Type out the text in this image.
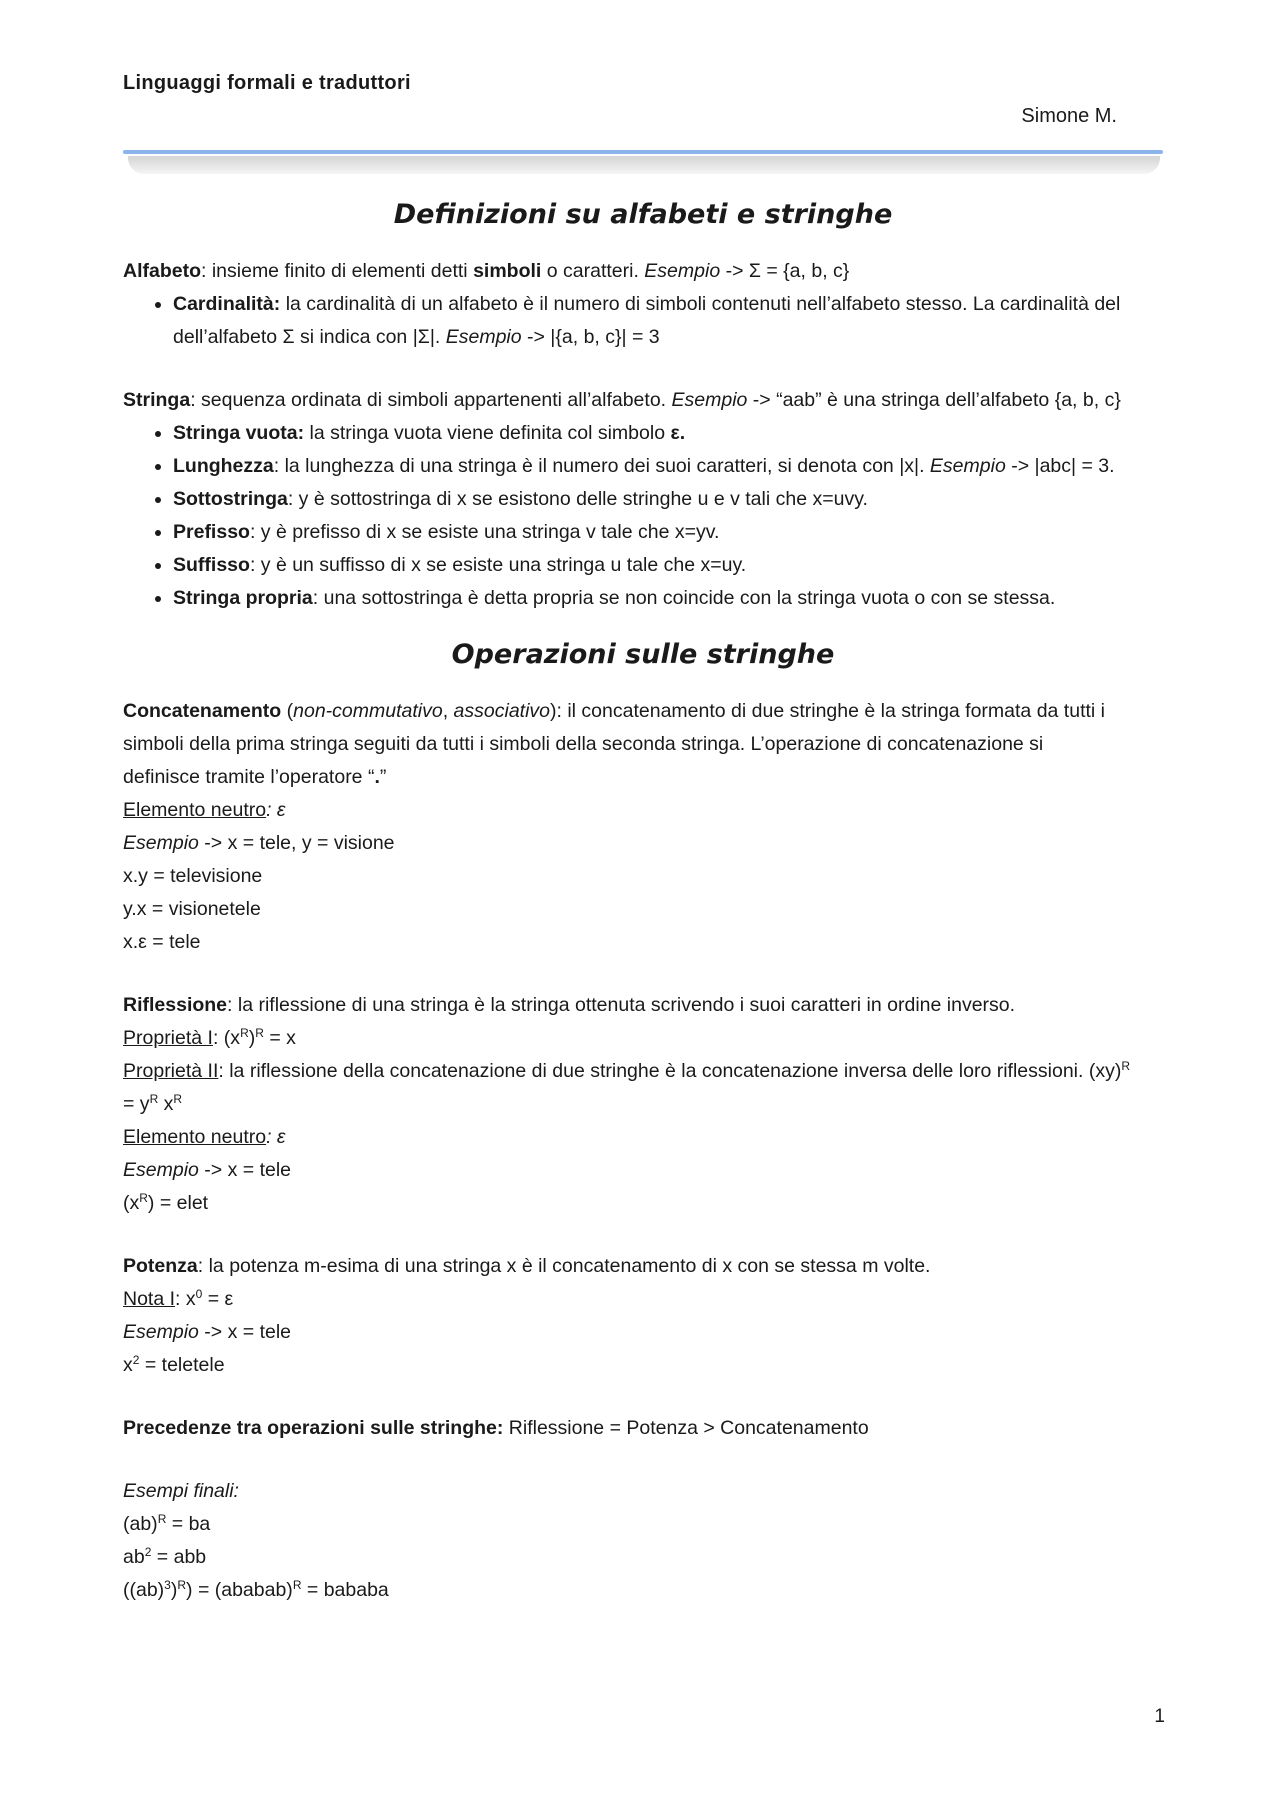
Linguaggi formali e traduttori
Simone M.
Definizioni su alfabeti e stringhe

Alfabeto: insieme finito di elementi detti simboli o caratteri. Esempio -> Σ = {a, b, c}

• Cardinalità: la cardinalità di un alfabeto è il numero di simboli contenuti nell’alfabeto stesso. La cardinalità del

dell’alfabeto Σ si indica con |Σ|. Esempio -> |{a, b, c}| = 3

Stringa: sequenza ordinata di simboli appartenenti all’alfabeto. Esempio -> “aab” è una stringa dell’alfabeto {a, b, c}

• Stringa vuota: la stringa vuota viene definita col simbolo ε.
• Lunghezza: la lunghezza di una stringa è il numero dei suoi caratteri, si denota con |x|. Esempio -> |abc| = 3.
• Sottostringa: y è sottostringa di x se esistono delle stringhe u e v tali che x=uvy.
• Prefisso: y è prefisso di x se esiste una stringa v tale che x=yv.
• Suffisso: y è un suffisso di x se esiste una stringa u tale che x=uy.
• Stringa propria: una sottostringa è detta propria se non coincide con la stringa vuota o con se stessa.
Operazioni sulle stringhe

Concatenamento (non-commutativo, associativo): il concatenamento di due stringhe è la stringa formata da tutti i

simboli della prima stringa seguiti da tutti i simboli della seconda stringa. L’operazione di concatenazione si

definisce tramite l’operatore “.”

Elemento neutro: ε

Esempio -> x = tele, y = visione

x.y = televisione

y.x = visionetele

x.ε = tele

Riflessione: la riflessione di una stringa è la stringa ottenuta scrivendo i suoi caratteri in ordine inverso.

Proprietà I: $(x^R)^R = x$

Proprietà II: la riflessione della concatenazione di due stringhe è la concatenazione inversa delle loro riflessioni. (xy)$^R$

= $y^R$ $x^R$

Elemento neutro: ε

Esempio -> x = tele

$(x^R)$ = elet

Potenza: la potenza m-esima di una stringa x è il concatenamento di x con se stessa m volte.

Nota I: $x^0 = \varepsilon$

Esempio -> x = tele

$x^2$ = teletele

Precedenze tra operazioni sulle stringhe: Riflessione = Potenza > Concatenamento

Esempi finali:

(ab)$^R$ = ba

$ab^2$ = abb

$((ab)^3)^R$) = (ababab)$^R$ = bababa

1
